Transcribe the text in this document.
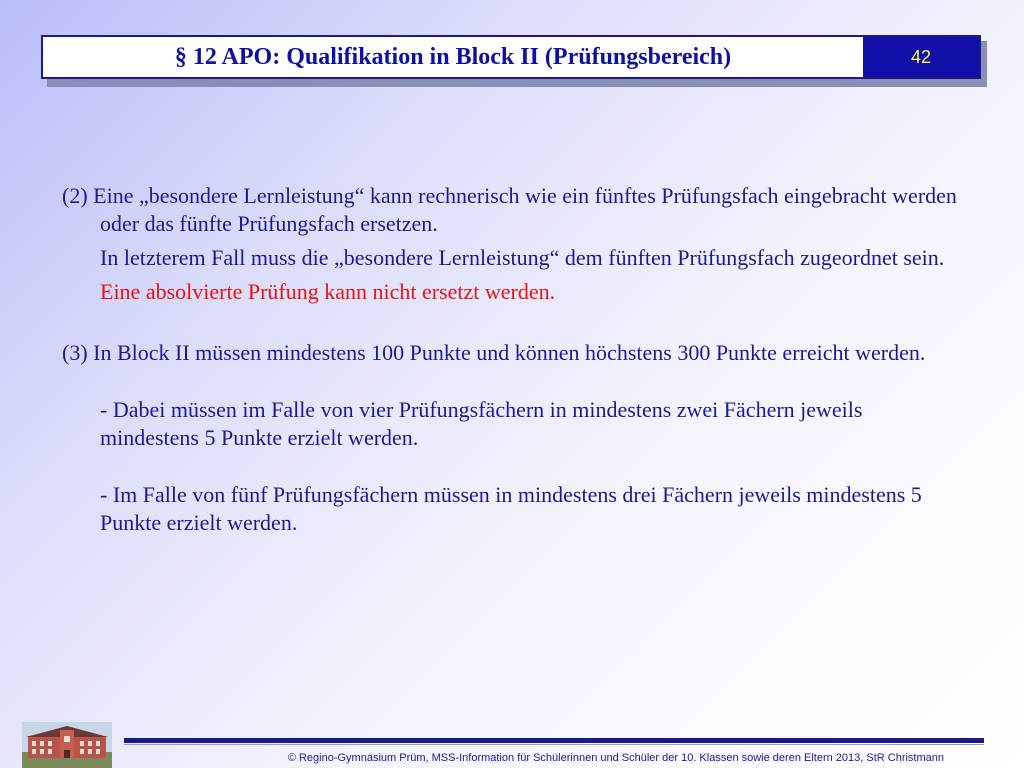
§ 12 APO: Qualifikation in Block II (Prüfungsbereich)	42

(2) Eine „besondere Lernleistung“ kann rechnerisch wie ein fünftes Prüfungsfach eingebracht werden oder das fünfte Prüfungsfach ersetzen.

In letzterem Fall muss die „besondere Lernleistung“ dem fünften Prüfungsfach zugeordnet sein.

Eine absolvierte Prüfung kann nicht ersetzt werden.

(3) In Block II müssen mindestens 100 Punkte und können höchstens 300 Punkte erreicht werden.

- Dabei müssen im Falle von vier Prüfungsfächern in mindestens zwei Fächern jeweils mindestens 5 Punkte erzielt werden.

- Im Falle von fünf Prüfungsfächern müssen in mindestens drei Fächern jeweils mindestens 5 Punkte erzielt werden.

© Regino-Gymnasium Prüm, MSS-Information für Schülerinnen und Schüler der 10. Klassen sowie deren Eltern 2013, StR Christmann
